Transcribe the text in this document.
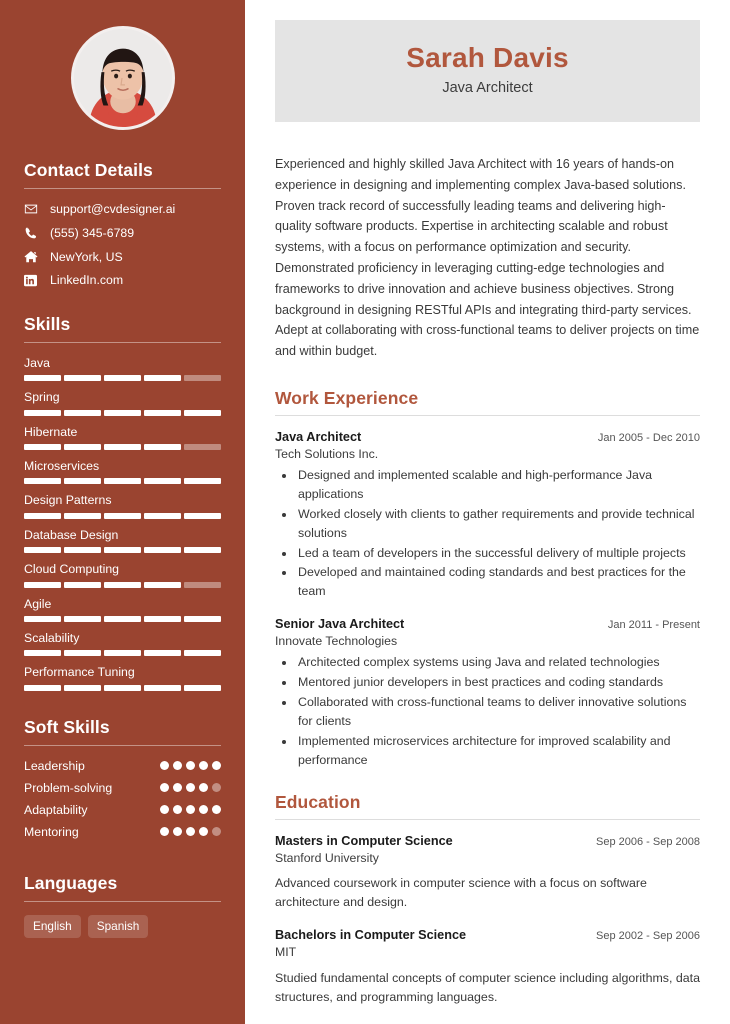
Contact Details
support@cvdesigner.ai
(555) 345-6789
NewYork, US
LinkedIn.com
Skills
Java
Spring
Hibernate
Microservices
Design Patterns
Database Design
Cloud Computing
Agile
Scalability
Performance Tuning
Soft Skills
Leadership
Problem-solving
Adaptability
Mentoring
Languages
English	Spanish
Sarah Davis
Java Architect
Experienced and highly skilled Java Architect with 16 years of hands-on experience in designing and implementing complex Java-based solutions. Proven track record of successfully leading teams and delivering high-quality software products. Expertise in architecting scalable and robust systems, with a focus on performance optimization and security. Demonstrated proficiency in leveraging cutting-edge technologies and frameworks to drive innovation and achieve business objectives. Strong background in designing RESTful APIs and integrating third-party services. Adept at collaborating with cross-functional teams to deliver projects on time and within budget.
Work Experience
Java Architect	Jan 2005 - Dec 2010
Tech Solutions Inc.
• Designed and implemented scalable and high-performance Java applications
• Worked closely with clients to gather requirements and provide technical solutions
• Led a team of developers in the successful delivery of multiple projects
• Developed and maintained coding standards and best practices for the team
Senior Java Architect	Jan 2011 - Present
Innovate Technologies
• Architected complex systems using Java and related technologies
• Mentored junior developers in best practices and coding standards
• Collaborated with cross-functional teams to deliver innovative solutions for clients
• Implemented microservices architecture for improved scalability and performance
Education
Masters in Computer Science	Sep 2006 - Sep 2008
Stanford University
Advanced coursework in computer science with a focus on software architecture and design.
Bachelors in Computer Science	Sep 2002 - Sep 2006
MIT
Studied fundamental concepts of computer science including algorithms, data structures, and programming languages.
